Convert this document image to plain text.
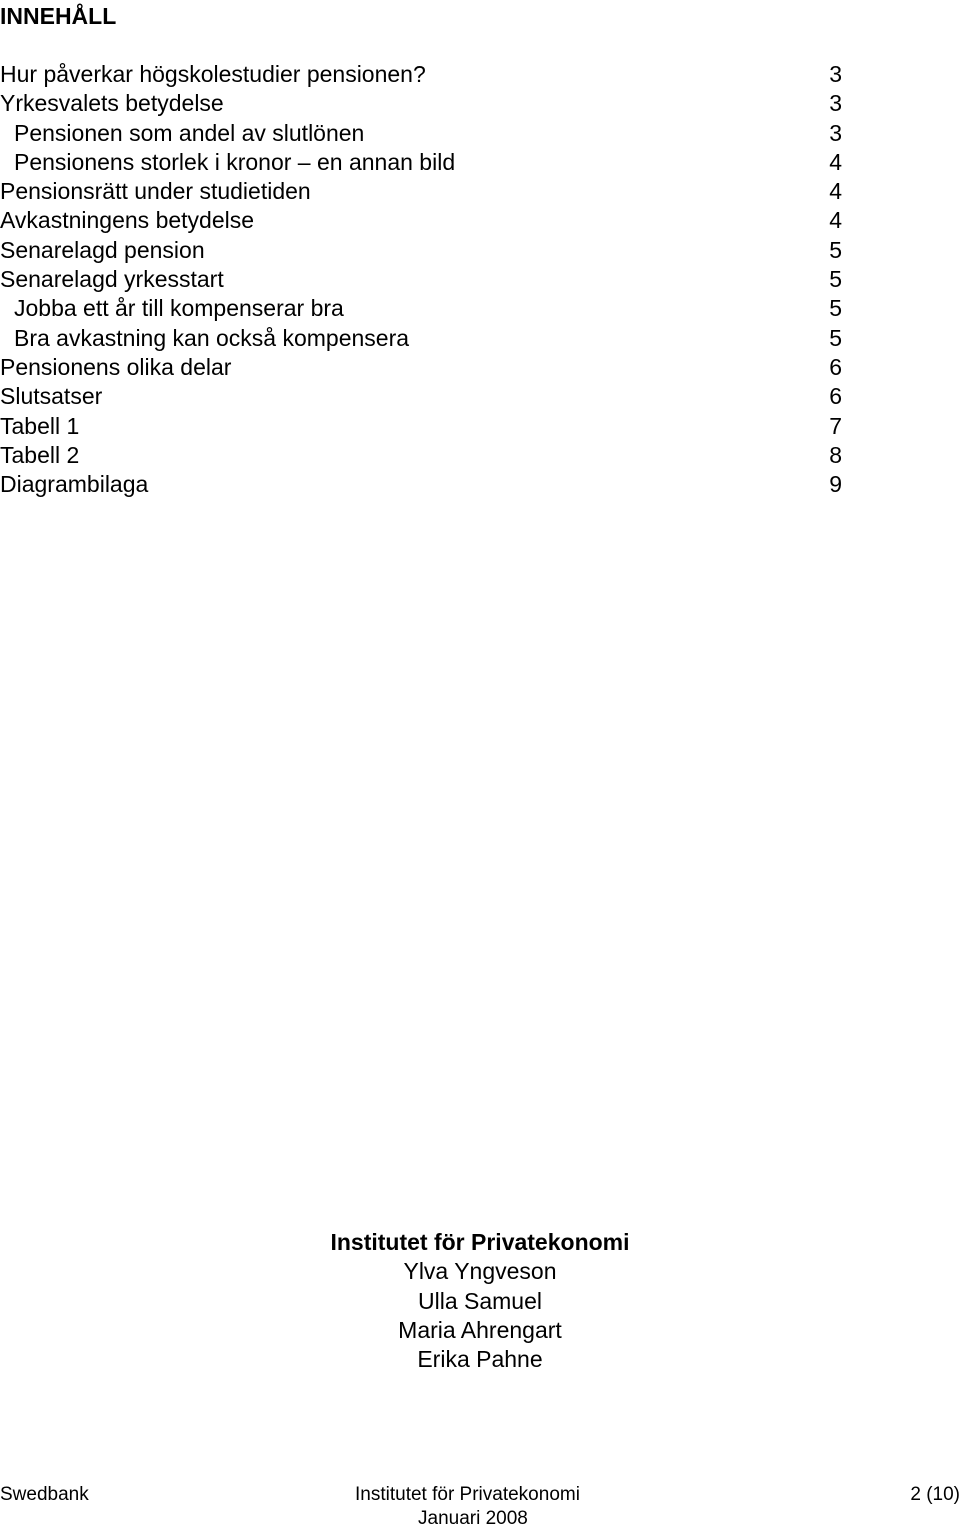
INNEHÅLL
Hur påverkar högskolestudier pensionen?	3
Yrkesvalets betydelse	3
Pensionen som andel av slutlönen	3
Pensionens storlek i kronor – en annan bild	4
Pensionsrätt under studietiden	4
Avkastningens betydelse	4
Senarelagd pension	5
Senarelagd yrkesstart	5
Jobba ett år till kompenserar bra	5
Bra avkastning kan också kompensera	5
Pensionens olika delar	6
Slutsatser	6
Tabell 1	7
Tabell 2	8
Diagrambilaga	9
Institutet för Privatekonomi
Ylva Yngveson
Ulla Samuel
Maria Ahrengart
Erika Pahne
Swedbank	Institutet för Privatekonomi	2 (10)
Januari 2008
